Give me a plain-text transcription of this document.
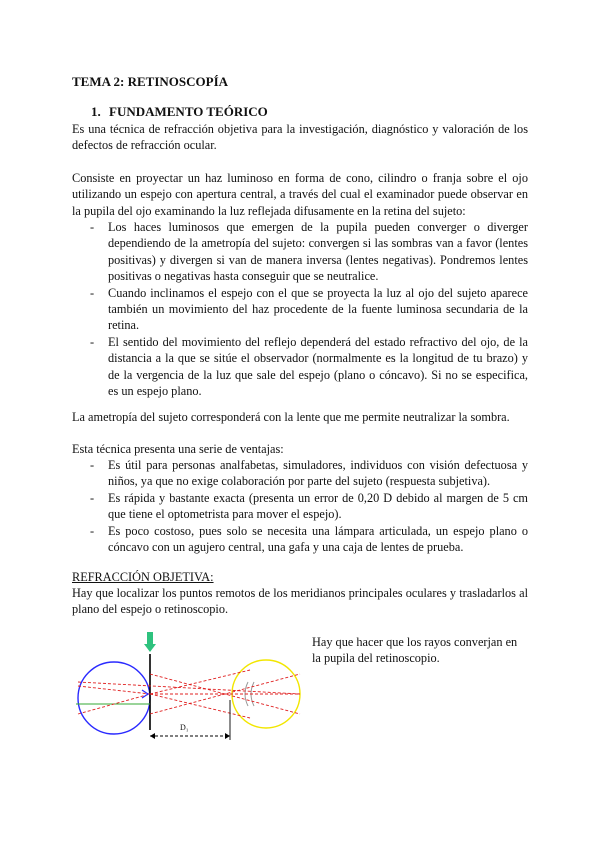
TEMA 2: RETINOSCOPÍA
1. FUNDAMENTO TEÓRICO

Es una técnica de refracción objetiva para la investigación, diagnóstico y valoración de los defectos de refracción ocular.

Consiste en proyectar un haz luminoso en forma de cono, cilindro o franja sobre el ojo utilizando un espejo con apertura central, a través del cual el examinador puede observar en la pupila del ojo examinando la luz reflejada difusamente en la retina del sujeto:

- Los haces luminosos que emergen de la pupila pueden converger o diverger dependiendo de la ametropía del sujeto: convergen si las sombras van a favor (lentes positivas) y divergen si van de manera inversa (lentes negativas). Pondremos lentes positivas o negativas hasta conseguir que se neutralice.
- Cuando inclinamos el espejo con el que se proyecta la luz al ojo del sujeto aparece también un movimiento del haz procedente de la fuente luminosa secundaria de la retina.
- El sentido del movimiento del reflejo dependerá del estado refractivo del ojo, de la distancia a la que se sitúe el observador (normalmente es la longitud de tu brazo) y de la vergencia de la luz que sale del espejo (plano o cóncavo). Si no se especifica, es un espejo plano.

La ametropía del sujeto corresponderá con la lente que me permite neutralizar la sombra.

Esta técnica presenta una serie de ventajas:

- Es útil para personas analfabetas, simuladores, individuos con visión defectuosa y niños, ya que no exige colaboración por parte del sujeto (respuesta subjetiva).
- Es rápida y bastante exacta (presenta un error de 0,20 D debido al margen de 5 cm que tiene el optometrista para mover el espejo).
- Es poco costoso, pues solo se necesita una lámpara articulada, un espejo plano o cóncavo con un agujero central, una gafa y una caja de lentes de prueba.

REFRACCIÓN OBJETIVA:

Hay que localizar los puntos remotos de los meridianos principales oculares y trasladarlos al plano del espejo o retinoscopio.

Hay que hacer que los rayos converjan en la pupila del retinoscopio.

D₁
